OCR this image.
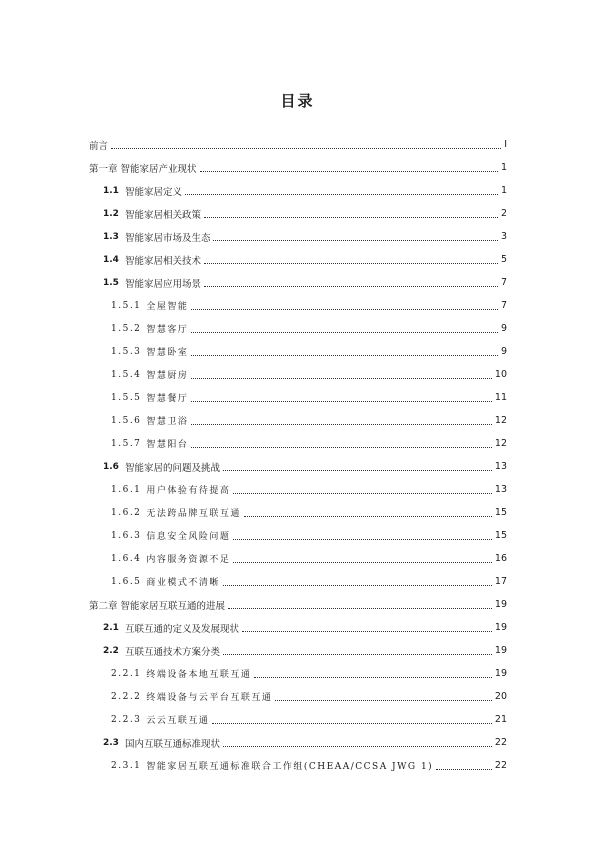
目录
前言	I
第一章 智能家居产业现状	1
1.1 智能家居定义	1
1.2 智能家居相关政策	2
1.3 智能家居市场及生态	3
1.4 智能家居相关技术	5
1.5 智能家居应用场景	7
1.5.1 全屋智能	7
1.5.2 智慧客厅	9
1.5.3 智慧卧室	9
1.5.4 智慧厨房	10
1.5.5 智慧餐厅	11
1.5.6 智慧卫浴	12
1.5.7 智慧阳台	12
1.6 智能家居的问题及挑战	13
1.6.1 用户体验有待提高	13
1.6.2 无法跨品牌互联互通	15
1.6.3 信息安全风险问题	15
1.6.4 内容服务资源不足	16
1.6.5 商业模式不清晰	17
第二章 智能家居互联互通的进展	19
2.1 互联互通的定义及发展现状	19
2.2 互联互通技术方案分类	19
2.2.1 终端设备本地互联互通	19
2.2.2 终端设备与云平台互联互通	20
2.2.3 云云互联互通	21
2.3 国内互联互通标准现状	22
2.3.1 智能家居互联互通标准联合工作组(CHEAA/CCSA JWG 1)	22
